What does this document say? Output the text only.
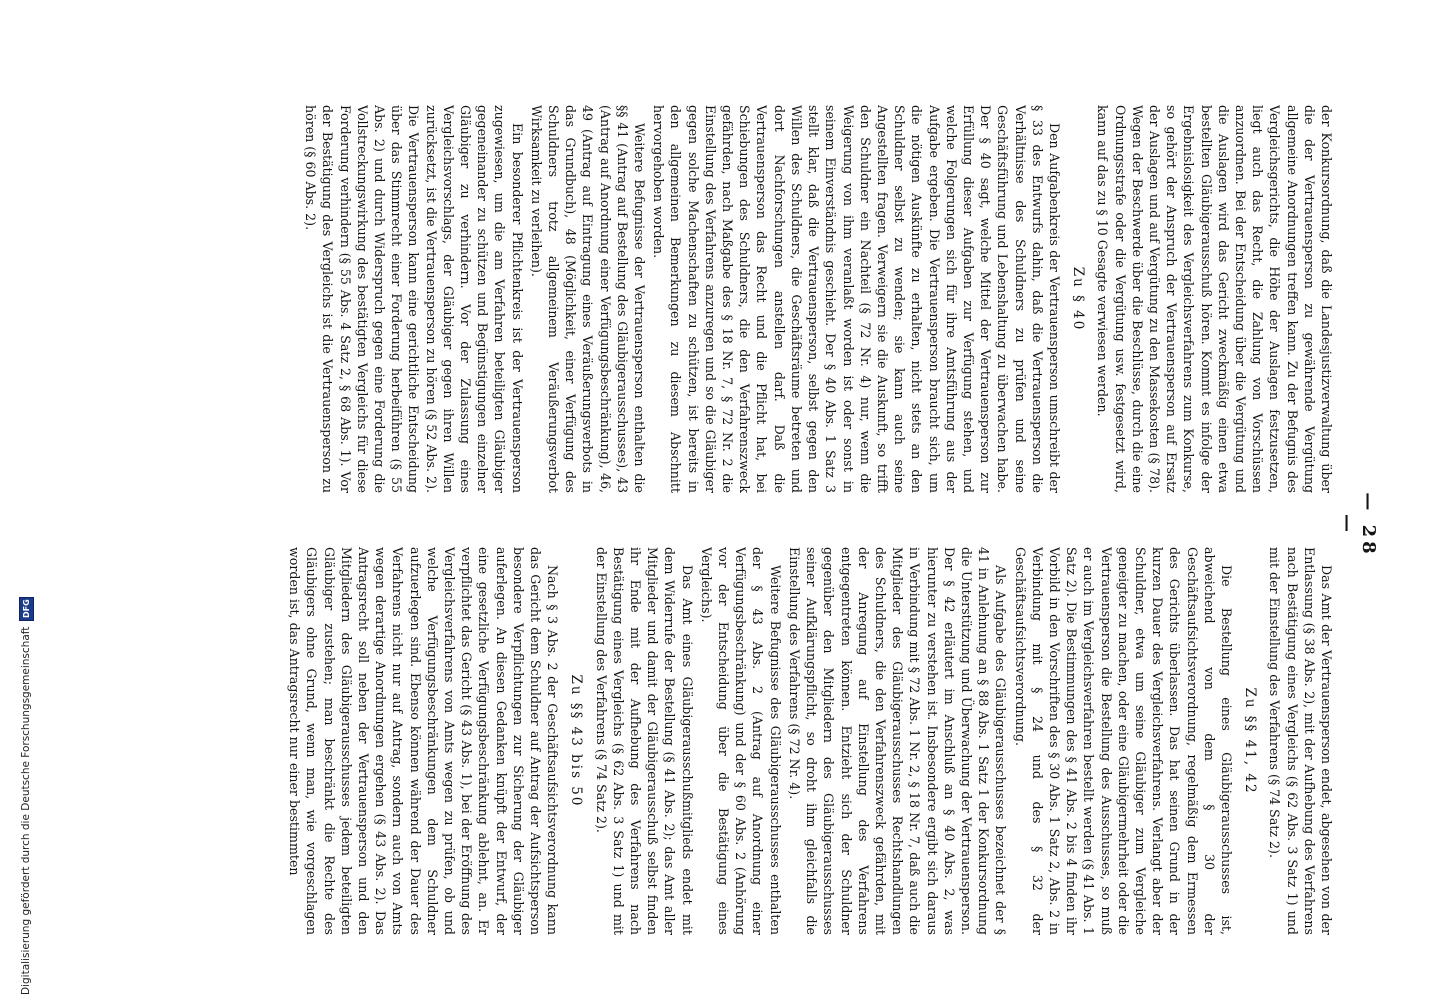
— 28 —

der Konkursordnung, daß die Landesjustizverwaltung über die der Vertrauensperson zu gewährende Vergütung allgemeine Anordnungen treffen kann. Zu der Befugnis des Vergleichsgerichts, die Höhe der Auslagen festzusetzen, liegt auch das Recht, die Zahlung von Vorschüssen anzuordnen. Bei der Entscheidung über die Vergütung und die Auslagen wird das Gericht zweckmäßig einen etwa bestellten Gläubigerausschuß hören. Kommt es infolge der Ergebnislosigkeit des Vergleichsverfahrens zum Konkurse, so gehört der Anspruch der Vertrauensperson auf Ersatz der Auslagen und auf Vergütung zu den Massekosten (§ 78). Wegen der Beschwerde über die Beschlüsse, durch die eine Ordnungsstrafe oder die Vergütung usw. festgesetzt wird, kann auf das zu § 10 Gesagte verwiesen werden.

Zu § 40

Den Aufgabenkreis der Vertrauensperson umschreibt der § 33 des Entwurfs dahin, daß die Vertrauensperson die Verhältnisse des Schuldners zu prüfen und seine Geschäftsführung und Lebenshaltung zu überwachen habe. Der § 40 sagt, welche Mittel der Vertrauensperson zur Erfüllung dieser Aufgaben zur Verfügung stehen, und welche Folgerungen sich für ihre Amtsführung aus der Aufgabe ergeben. Die Vertrauensperson braucht sich, um die nötigen Auskünfte zu erhalten, nicht stets an den Schuldner selbst zu wenden; sie kann auch seine Angestellten fragen. Verweigern sie die Auskunft, so trifft den Schuldner ein Nachteil (§ 72 Nr. 4) nur, wenn die Weigerung von ihm veranlaßt worden ist oder sonst in seinem Einverständnis geschieht. Der § 40 Abs. 1 Satz 3 stellt klar, daß die Vertrauensperson, selbst gegen den Willen des Schuldners, die Geschäftsräume betreten und dort Nachforschungen anstellen darf. Daß die Vertrauensperson das Recht und die Pflicht hat, bei Schiebungen des Schuldners, die den Verfahrenszweck gefährden, nach Maßgabe des § 18 Nr. 7, § 72 Nr. 2 die Einstellung des Verfahrens anzuregen und so die Gläubiger gegen solche Machenschaften zu schützen, ist bereits in den allgemeinen Bemerkungen zu diesem Abschnitt hervorgehoben worden.

Weitere Befugnisse der Vertrauensperson enthalten die §§ 41 (Antrag auf Bestellung des Gläubigerausschusses), 43 (Antrag auf Anordnung einer Verfügungsbeschränkung), 46, 49 (Antrag auf Eintragung eines Veräußerungsverbots in das Grundbuch), 48 (Möglichkeit, einer Verfügung des Schuldners trotz allgemeinem Veräußerungsverbot Wirksamkeit zu verleihen).

Ein besonderer Pflichtenkreis ist der Vertrauensperson zugewiesen, um die am Verfahren beteiligten Gläubiger gegeneinander zu schützen und Begünstigungen einzelner Gläubiger zu verhindern. Vor der Zulassung eines Vergleichsvorschlags, der Gläubiger gegen ihren Willen zurücksetzt, ist die Vertrauensperson zu hören (§ 52 Abs. 2). Die Vertrauensperson kann eine gerichtliche Entscheidung über das Stimmrecht einer Forderung herbeiführen (§ 55 Abs. 2) und durch Widerspruch gegen eine Forderung die Vollstreckungswirkung des bestätigten Vergleichs für diese Forderung verhindern (§ 55 Abs. 4 Satz 2, § 68 Abs. 1). Vor der Bestätigung des Vergleichs ist die Vertrauensperson zu hören (§ 60 Abs. 2).

Das Amt der Vertrauensperson endet, abgesehen von der Entlassung (§ 38 Abs. 2), mit der Aufhebung des Verfahrens nach Bestätigung eines Vergleichs (§ 62 Abs. 3 Satz 1) und mit der Einstellung des Verfahrens (§ 74 Satz 2).

Zu §§ 41, 42

Die Bestellung eines Gläubigerausschusses ist, abweichend von dem § 30 der Geschäftsaufsichtsverordnung, regelmäßig dem Ermessen des Gerichts überlassen. Das hat seinen Grund in der kurzen Dauer des Vergleichsverfahrens. Verlangt aber der Schuldner, etwa um seine Gläubiger zum Vergleiche geneigter zu machen, oder eine Gläubigermehrheit oder die Vertrauensperson die Bestellung des Ausschusses, so muß er auch im Vergleichsverfahren bestellt werden (§ 41 Abs. 1 Satz 2). Die Bestimmungen des § 41 Abs. 2 bis 4 finden ihr Vorbild in den Vorschriften des § 30 Abs. 1 Satz 2, Abs. 2 in Verbindung mit § 24 und des § 32 der Geschäftsaufsichtsverordnung.

Als Aufgabe des Gläubigerausschusses bezeichnet der § 41 in Anlehnung an § 88 Abs. 1 Satz 1 der Konkursordnung die Unterstützung und Überwachung der Vertrauensperson. Der § 42 erläutert im Anschluß an § 40 Abs. 2, was hierunter zu verstehen ist. Insbesondere ergibt sich daraus in Verbindung mit § 72 Abs. 1 Nr. 2, § 18 Nr. 7, daß auch die Mitglieder des Gläubigerausschusses Rechtshandlungen des Schuldners, die den Verfahrenszweck gefährden, mit der Anregung auf Einstellung des Verfahrens entgegentreten können. Entzieht sich der Schuldner gegenüber den Mitgliedern des Gläubigerausschusses seiner Aufklärungspflicht, so droht ihm gleichfalls die Einstellung des Verfahrens (§ 72 Nr. 4).

Weitere Befugnisse des Gläubigerausschusses enthalten der § 43 Abs. 2 (Antrag auf Anordnung einer Verfügungsbeschränkung) und der § 60 Abs. 2 (Anhörung vor der Entscheidung über die Bestätigung eines Vergleichs).

Das Amt eines Gläubigerausschußmitglieds endet mit dem Widerrufe der Bestellung (§ 41 Abs. 2); das Amt aller Mitglieder und damit der Gläubigerausschuß selbst finden ihr Ende mit der Aufhebung des Verfahrens nach Bestätigung eines Vergleichs (§ 62 Abs. 3 Satz 1) und mit der Einstellung des Verfahrens (§ 74 Satz 2).

Zu §§ 43 bis 50

Nach § 3 Abs. 2 der Geschäftsaufsichtsverordnung kann das Gericht dem Schuldner auf Antrag der Aufsichtsperson besondere Verpflichtungen zur Sicherung der Gläubiger auferlegen. An diesen Gedanken knüpft der Entwurf, der eine gesetzliche Verfügungsbeschränkung ablehnt, an. Er verpflichtet das Gericht (§ 43 Abs. 1), bei der Eröffnung des Vergleichsverfahrens von Amts wegen zu prüfen, ob und welche Verfügungsbeschränkungen dem Schuldner aufzuerlegen sind. Ebenso können während der Dauer des Verfahrens nicht nur auf Antrag, sondern auch von Amts wegen derartige Anordnungen ergehen (§ 43 Abs. 2). Das Antragsrecht soll neben der Vertrauensperson und den Mitgliedern des Gläubigerausschusses jedem beteiligten Gläubiger zustehen; man beschränkt die Rechte des Gläubigers ohne Grund, wenn man, wie vorgeschlagen worden ist, das Antragsrecht nur einer bestimmten

Digitalisierung gefördert durch die Deutsche Forschungsgemeinschaft
DFG
